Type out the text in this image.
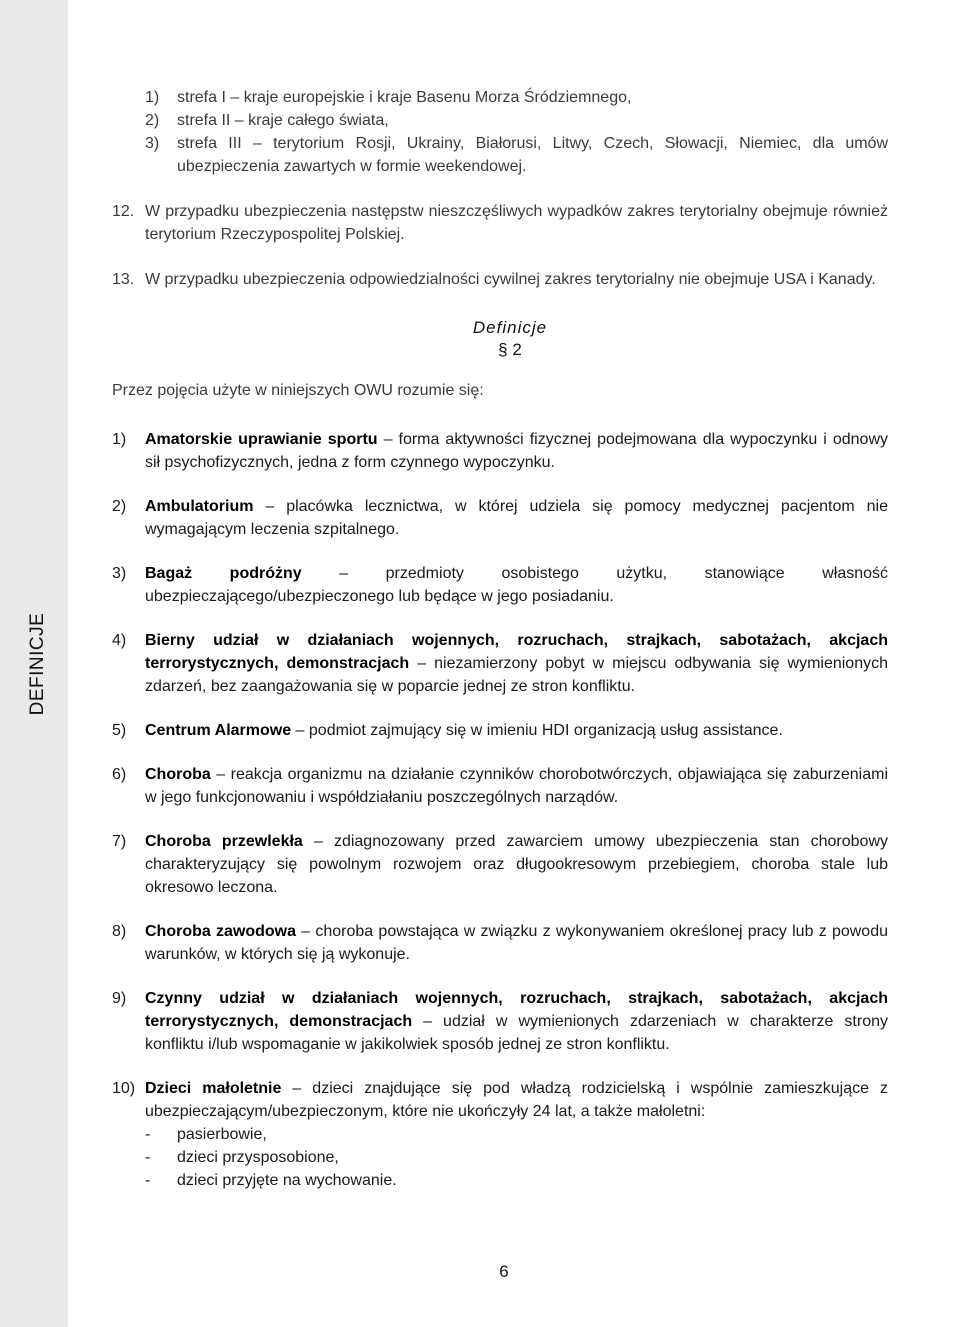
DEFINICJE
1)	strefa I – kraje europejskie i kraje Basenu Morza Śródziemnego,
2)	strefa II – kraje całego świata,
3)	strefa III – terytorium Rosji, Ukrainy, Białorusi, Litwy, Czech, Słowacji, Niemiec, dla umów ubezpieczenia zawartych w formie weekendowej.
12. W przypadku ubezpieczenia następstw nieszczęśliwych wypadków zakres terytorialny obejmuje również terytorium Rzeczypospolitej Polskiej.
13. W przypadku ubezpieczenia odpowiedzialności cywilnej zakres terytorialny nie obejmuje USA i Kanady.
Definicje
§ 2
Przez pojęcia użyte w niniejszych OWU rozumie się:
1)	Amatorskie uprawianie sportu – forma aktywności fizycznej podejmowana dla wypoczynku i odnowy sił psychofizycznych, jedna z form czynnego wypoczynku.
2)	Ambulatorium – placówka lecznictwa, w której udziela się pomocy medycznej pacjentom nie wymagającym leczenia szpitalnego.
3)	Bagaż podróżny – przedmioty osobistego użytku, stanowiące własność ubezpieczającego/ubezpieczonego lub będące w jego posiadaniu.
4)	Bierny udział w działaniach wojennych, rozruchach, strajkach, sabotażach, akcjach terrorystycznych, demonstracjach – niezamierzony pobyt w miejscu odbywania się wymienionych zdarzeń, bez zaangażowania się w poparcie jednej ze stron konfliktu.
5)	Centrum Alarmowe – podmiot zajmujący się w imieniu HDI organizacją usług assistance.
6)	Choroba – reakcja organizmu na działanie czynników chorobotwórczych, objawiająca się zaburzeniami w jego funkcjonowaniu i współdziałaniu poszczególnych narządów.
7)	Choroba przewlekła – zdiagnozowany przed zawarciem umowy ubezpieczenia stan chorobowy charakteryzujący się powolnym rozwojem oraz długookresowym przebiegiem, choroba stale lub okresowo leczona.
8)	Choroba zawodowa – choroba powstająca w związku z wykonywaniem określonej pracy lub z powodu warunków, w których się ją wykonuje.
9)	Czynny udział w działaniach wojennych, rozruchach, strajkach, sabotażach, akcjach terrorystycznych, demonstracjach – udział w wymienionych zdarzeniach w charakterze strony konfliktu i/lub wspomaganie w jakikolwiek sposób jednej ze stron konfliktu.
10) Dzieci małoletnie – dzieci znajdujące się pod władzą rodzicielską i wspólnie zamieszkujące z ubezpieczającym/ubezpieczonym, które nie ukończyły 24 lat, a także małoletni:
-	pasierbowie,
-	dzieci przysposobione,
-	dzieci przyjęte na wychowanie.
6
